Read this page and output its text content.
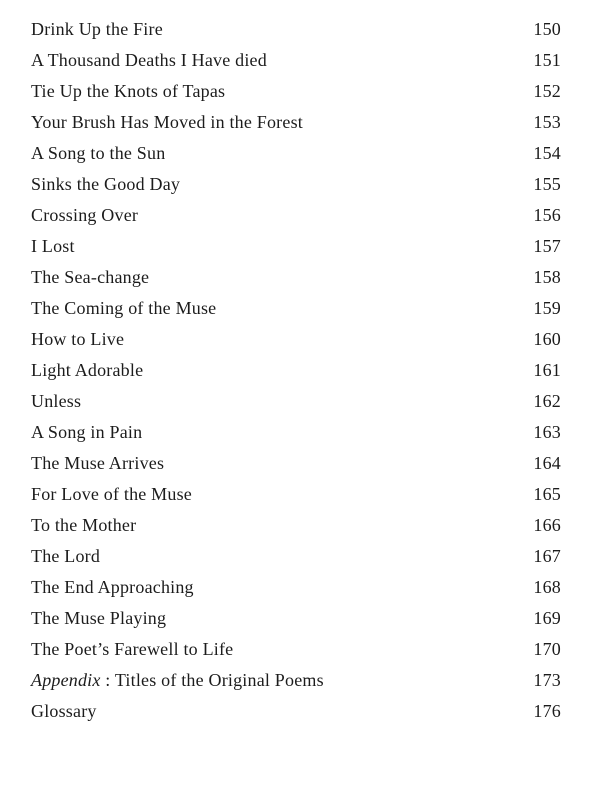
Drink Up the Fire	150
A Thousand Deaths I Have died	151
Tie Up the Knots of Tapas	152
Your Brush Has Moved in the Forest	153
A Song to the Sun	154
Sinks the Good Day	155
Crossing Over	156
I Lost	157
The Sea-change	158
The Coming of the Muse	159
How to Live	160
Light Adorable	161
Unless	162
A Song in Pain	163
The Muse Arrives	164
For Love of the Muse	165
To the Mother	166
The Lord	167
The End Approaching	168
The Muse Playing	169
The Poet’s Farewell to Life	170
Appendix : Titles of the Original Poems	173
Glossary	176
